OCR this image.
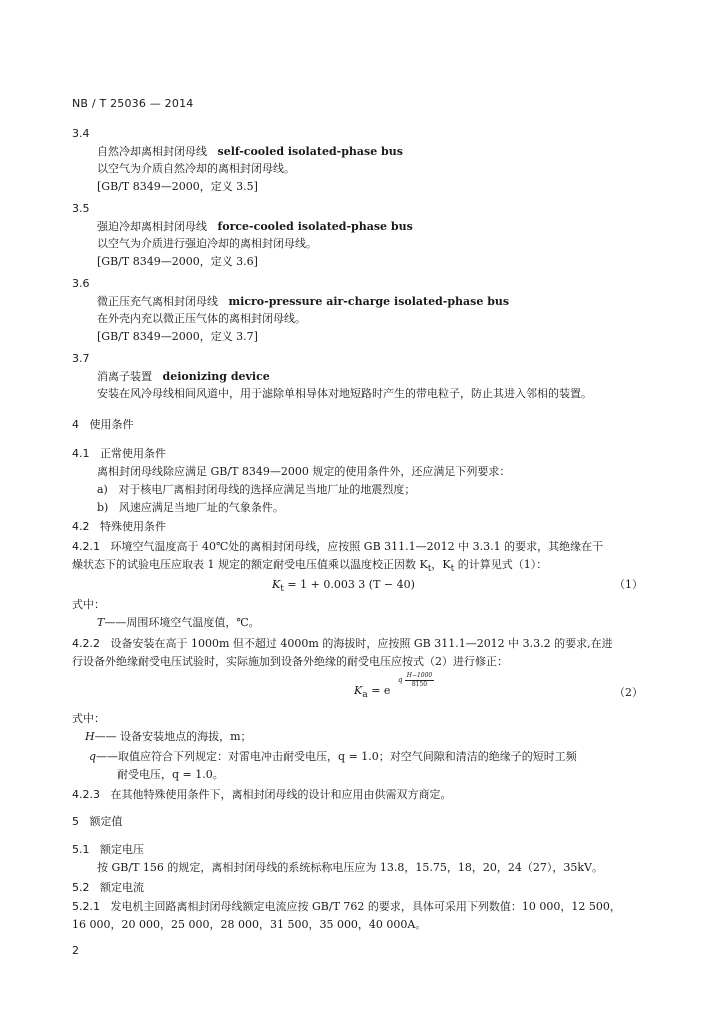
NB / T 25036 — 2014
3.4
自然冷却离相封闭母线 self-cooled isolated-phase bus
以空气为介质自然冷却的离相封闭母线。
[GB/T 8349—2000，定义 3.5]
3.5
强迫冷却离相封闭母线 force-cooled isolated-phase bus
以空气为介质进行强迫冷却的离相封闭母线。
[GB/T 8349—2000，定义 3.6]
3.6
微正压充气离相封闭母线 micro-pressure air-charge isolated-phase bus
在外壳内充以微正压气体的离相封闭母线。
[GB/T 8349—2000，定义 3.7]
3.7
消离子装置 deionizing device
安装在风冷母线相间风道中，用于滤除单相导体对地短路时产生的带电粒子，防止其进入邻相的装置。
4 使用条件
4.1 正常使用条件
离相封闭母线除应满足 GB/T 8349—2000 规定的使用条件外，还应满足下列要求：
a) 对于核电厂离相封闭母线的选择应满足当地厂址的地震烈度；
b) 风速应满足当地厂址的气象条件。
4.2 特殊使用条件
4.2.1 环境空气温度高于 40℃处的离相封闭母线，应按照 GB 311.1—2012 中 3.3.1 的要求，其绝缘在干
燥状态下的试验电压应取表 1 规定的额定耐受电压值乘以温度校正因数 $K_t$，$K_t$ 的计算见式（1）：
$K_t = 1 + 0.003$ 3 (T − 40)	（1）
式中：
T——周围环境空气温度值，℃。
4.2.2 设备安装在高于 1000m 但不超过 4000m 的海拔时，应按照 GB 311.1—2012 中 3.3.2 的要求,在进
行设备外绝缘耐受电压试验时，实际施加到设备外绝缘的耐受电压应按式（2）进行修正：
$K_a = e$
q $\frac{H-1000}{8150}$
（2）
式中：
H—— 设备安装地点的海拔，m；
q——取值应符合下列规定：对雷电冲击耐受电压，q = 1.0；对空气间隙和清洁的绝缘子的短时工频
耐受电压，q = 1.0。
4.2.3 在其他特殊使用条件下，离相封闭母线的设计和应用由供需双方商定。
5 额定值
5.1 额定电压
按 GB/T 156 的规定，离相封闭母线的系统标称电压应为 13.8，15.75，18，20，24（27），35kV。
5.2 额定电流
5.2.1 发电机主回路离相封闭母线额定电流应按 GB/T 762 的要求，具体可采用下列数值：10 000，12 500，
16 000，20 000，25 000，28 000，31 500，35 000，40 000A。
2
